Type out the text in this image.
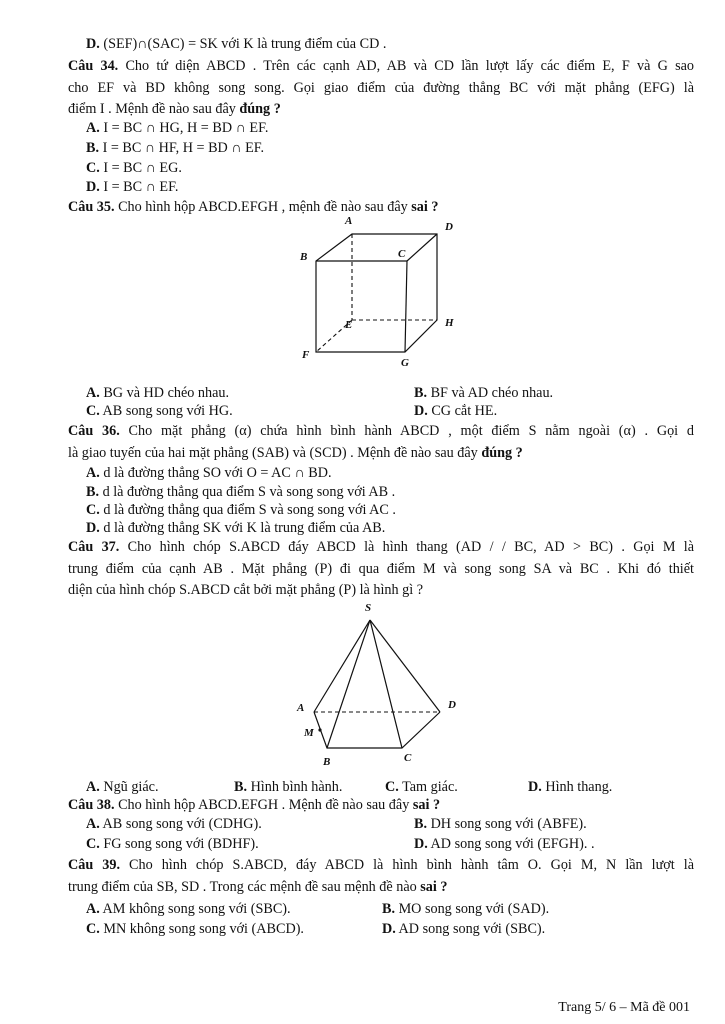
D. (SEF)∩(SAC) = SK với K là trung điểm của CD .
Câu 34. Cho tứ diện ABCD . Trên các cạnh AD, AB và CD lần lượt lấy các điểm E, F và G sao
cho EF và BD không song song. Gọi giao điểm của đường thẳng BC với mặt phẳng (EFG) là
điểm I . Mệnh đề nào sau đây đúng ?
A. I = BC ∩ HG, H = BD ∩ EF.
B. I = BC ∩ HF, H = BD ∩ EF.
C. I = BC ∩ EG.
D. I = BC ∩ EF.
Câu 35. Cho hình hộp ABCD.EFGH , mệnh đề nào sau đây sai ?
A	D
B	C
E	H
F
G
A. BG và HD chéo nhau.	B. BF và AD chéo nhau.
C. AB song song với HG.	D. CG cắt HE.
Câu 36. Cho mặt phẳng (α) chứa hình bình hành ABCD , một điểm S nằm ngoài (α) . Gọi d
là giao tuyến của hai mặt phẳng (SAB) và (SCD) . Mệnh đề nào sau đây đúng ?
A. d là đường thẳng SO với O = AC ∩ BD.
B. d là đường thẳng qua điểm S và song song với AB .
C. d là đường thẳng qua điểm S và song song với AC .
D. d là đường thẳng SK với K là trung điểm của AB.
Câu 37. Cho hình chóp S.ABCD đáy ABCD là hình thang (AD / / BC, AD > BC) . Gọi M là
trung điểm của cạnh AB . Mặt phẳng (P) đi qua điểm M và song song SA và BC . Khi đó thiết
diện của hình chóp S.ABCD cắt bởi mặt phẳng (P) là hình gì ?
S
A	D
M
B	C
A. Ngũ giác.	B. Hình bình hành.	C. Tam giác.	D. Hình thang.
Câu 38. Cho hình hộp ABCD.EFGH . Mệnh đề nào sau đây sai ?
A. AB song song với (CDHG).	B. DH song song với (ABFE).
C. FG song song với (BDHF).	D. AD song song với (EFGH). .
Câu 39. Cho hình chóp S.ABCD, đáy ABCD là hình bình hành tâm O. Gọi M, N lần lượt là
trung điểm của SB, SD . Trong các mệnh đề sau mệnh đề nào sai ?
A. AM không song song với (SBC).	B. MO song song với (SAD).
C. MN không song song với (ABCD).	D. AD song song với (SBC).
Trang 5/ 6 – Mã đề 001
